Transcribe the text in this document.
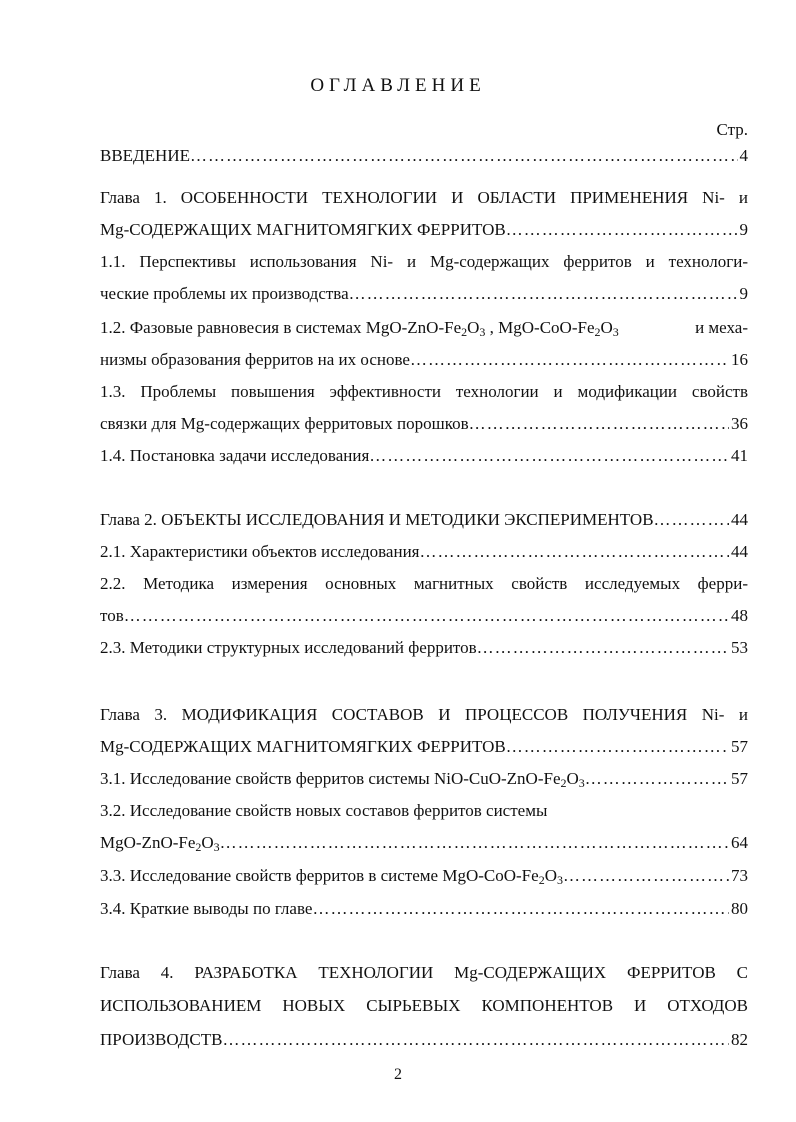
ОГЛАВЛЕНИЕ
Стр.
ВВЕДЕНИЕ ………………………………………………………………………………………………………………………………………………	4
Глава 1. ОСОБЕННОСТИ ТЕХНОЛОГИИ И ОБЛАСТИ ПРИМЕНЕНИЯ Ni- и
Mg-СОДЕРЖАЩИХ МАГНИТОМЯГКИХ ФЕРРИТОВ ………………………………………………………………………………………………………………………………………………	9
1.1. Перспективы использования Ni- и Mg-содержащих ферритов и технологи-
ческие проблемы их производства ………………………………………………………………………………………………………………………………………………	9
1.2. Фазовые равновесия в системах MgO-$ZnO-Fe_2O_3$ , MgO-$CoO-Fe_2O_3$	и меха-
низмы образования ферритов на их основе ………………………………………………………………………………………………………………………………………………	16
1.3. Проблемы повышения эффективности технологии и модификации свойств
связки для Mg-содержащих ферритовых порошков ………………………………………………………………………………………………………………………………………………	36
1.4. Постановка задачи исследования ………………………………………………………………………………………………………………………………………………	41
Глава 2. ОБЪЕКТЫ ИССЛЕДОВАНИЯ И МЕТОДИКИ ЭКСПЕРИМЕНТОВ ………………………………………………………………………………………………………………………………………………	44
2.1. Характеристики объектов исследования ………………………………………………………………………………………………………………………………………………	44
2.2. Методика измерения основных магнитных свойств исследуемых ферри-
тов ………………………………………………………………………………………………………………………………………………	48
2.3. Методики структурных исследований ферритов ………………………………………………………………………………………………………………………………………………	53
Глава 3. МОДИФИКАЦИЯ СОСТАВОВ И ПРОЦЕССОВ ПОЛУЧЕНИЯ Ni- и
Mg-СОДЕРЖАЩИХ МАГНИТОМЯГКИХ ФЕРРИТОВ ………………………………………………………………………………………………………………………………………………	57
3.1. Исследование свойств ферритов системы NiO-$CuO-ZnO-Fe_2O_3$ ………………………………………………………………………………………………………………………………………………	57
3.2. Исследование свойств новых составов ферритов системы
MgO-$ZnO-Fe_2O_3$ ………………………………………………………………………………………………………………………………………………	64
3.3. Исследование свойств ферритов в системе MgO-$CoO-Fe_2O_3$ ………………………………………………………………………………………………………………………………………………	73
3.4. Краткие выводы по главе ………………………………………………………………………………………………………………………………………………	80
Глава 4. РАЗРАБОТКА ТЕХНОЛОГИИ Mg-СОДЕРЖАЩИХ ФЕРРИТОВ С
ИСПОЛЬЗОВАНИЕМ НОВЫХ СЫРЬЕВЫХ КОМПОНЕНТОВ И ОТХОДОВ
ПРОИЗВОДСТВ ………………………………………………………………………………………………………………………………………………	82
2
